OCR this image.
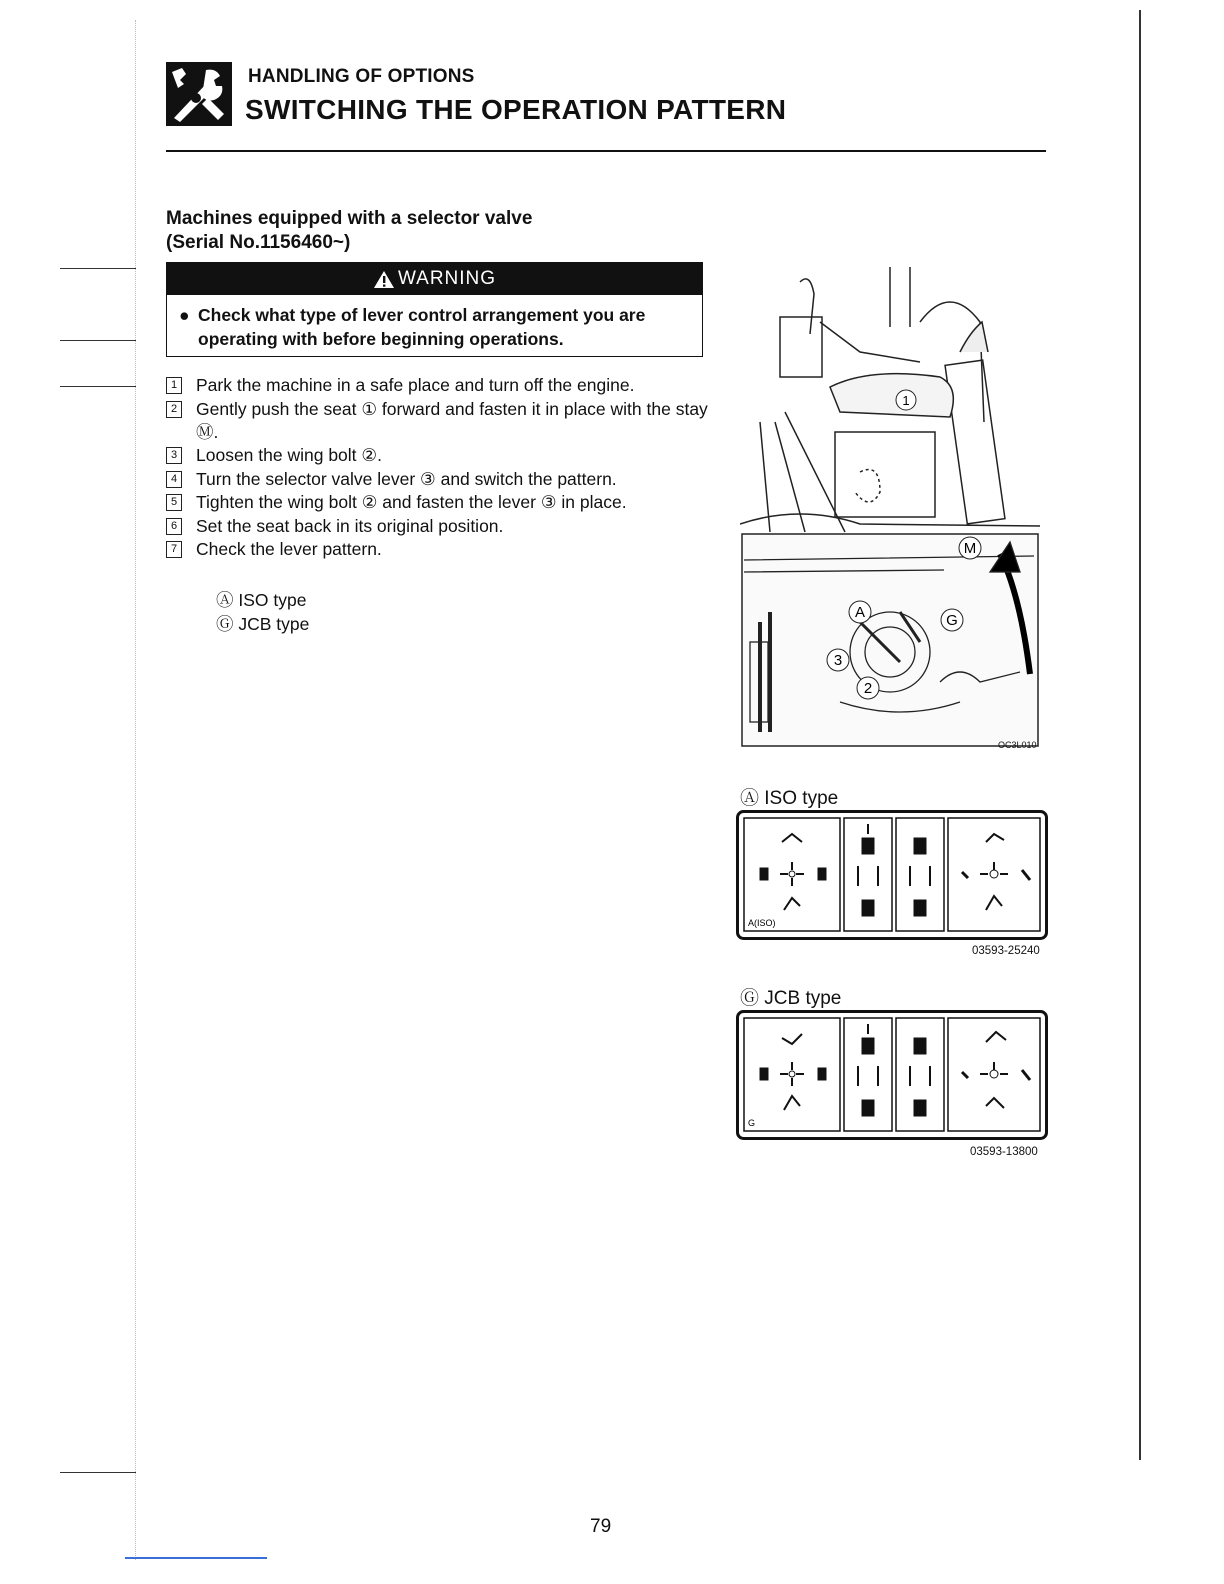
HANDLING OF OPTIONS
SWITCHING THE OPERATION PATTERN
Machines equipped with a selector valve
(Serial No.1156460~)
WARNING
● Check what type of lever control arrangement you are operating with before beginning operations.
1 Park the machine in a safe place and turn off the engine.
2 Gently push the seat ① forward and fasten it in place with the stay Ⓜ.
3 Loosen the wing bolt ②.
4 Turn the selector valve lever ③ and switch the pattern.
5 Tighten the wing bolt ② and fasten the lever ③ in place.
6 Set the seat back in its original position.
7 Check the lever pattern.
Ⓐ ISO type
Ⓖ JCB type
1
M
A	G
3
2
OC3L010
Ⓐ ISO type
A(ISO)
03593-25240
Ⓖ JCB type
G
03593-13800
79
